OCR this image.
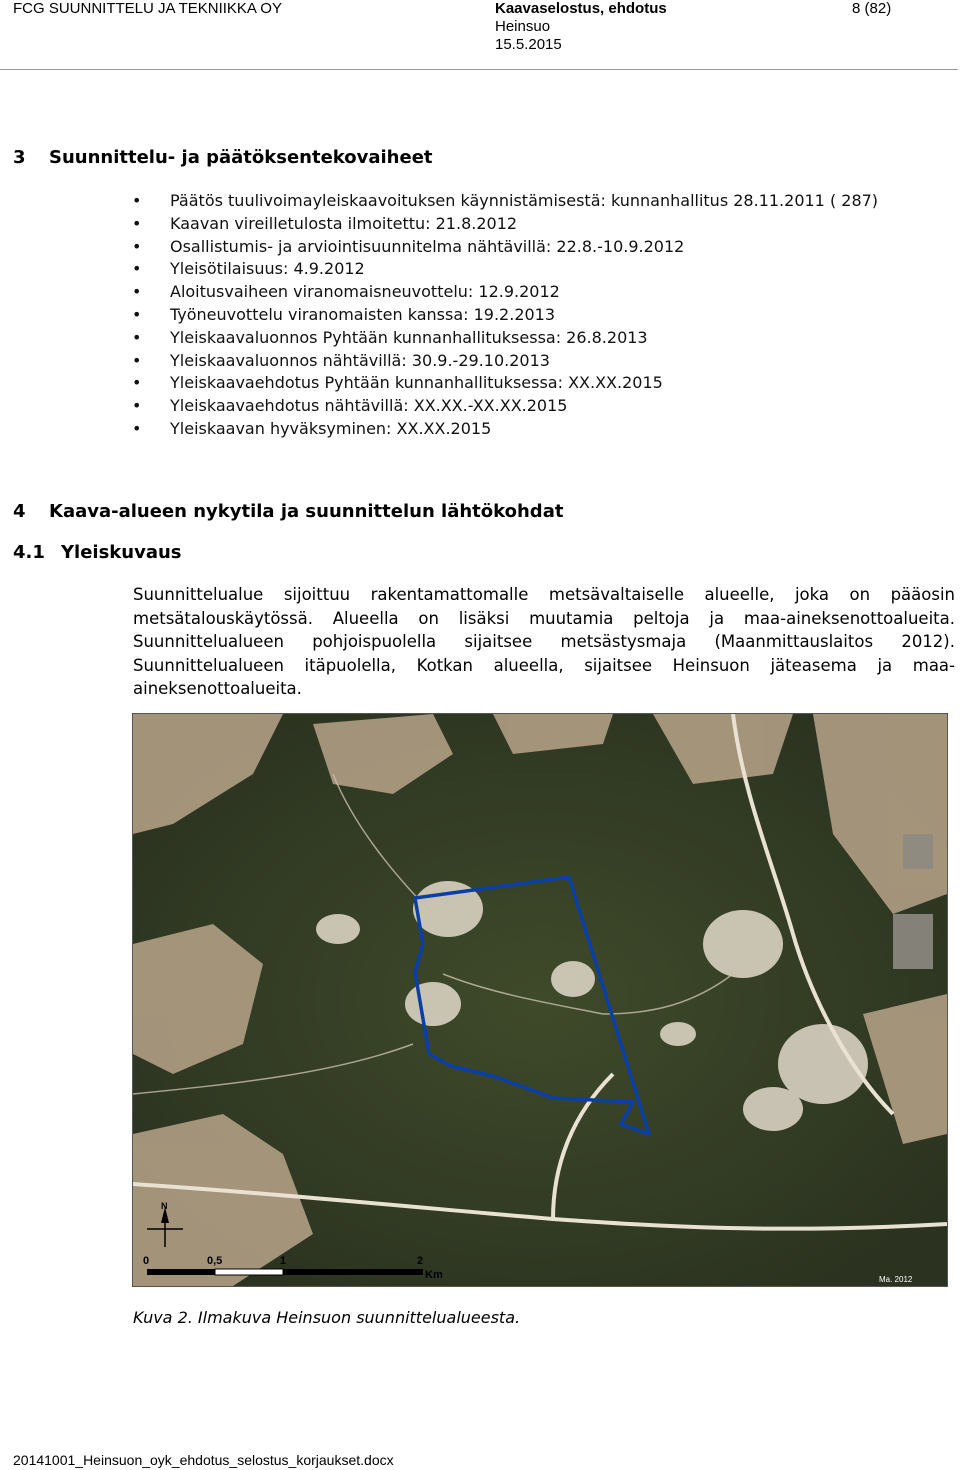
FCG SUUNNITTELU JA TEKNIIKKA OY	Kaavaselostus, ehdotus
Heinsuo
15.5.2015
8 (82)
3 Suunnittelu- ja päätöksentekovaiheet
• Päätös tuulivoimayleiskaavoituksen käynnistämisestä: kunnanhallitus 28.11.2011 ( 287)
• Kaavan vireilletulosta ilmoitettu: 21.8.2012
• Osallistumis- ja arviointisuunnitelma nähtävillä: 22.8.-10.9.2012
• Yleisötilaisuus: 4.9.2012
• Aloitusvaiheen viranomaisneuvottelu: 12.9.2012
• Työneuvottelu viranomaisten kanssa: 19.2.2013
• Yleiskaavaluonnos Pyhtään kunnanhallituksessa: 26.8.2013
• Yleiskaavaluonnos nähtävillä: 30.9.-29.10.2013
• Yleiskaavaehdotus Pyhtään kunnanhallituksessa: XX.XX.2015
• Yleiskaavaehdotus nähtävillä: XX.XX.-XX.XX.2015
• Yleiskaavan hyväksyminen: XX.XX.2015
4 Kaava-alueen nykytila ja suunnittelun lähtökohdat
4.1 Yleiskuvaus
Suunnittelualue sijoittuu rakentamattomalle metsävaltaiselle alueelle, joka on pääosin metsätalouskäytössä. Alueella on lisäksi muutamia peltoja ja maa-aineksenottoalueita. Suunnittelualueen pohjoispuolella sijaitsee metsästysmaja (Maanmittauslaitos 2012). Suunnittelualueen itäpuolella, Kotkan alueella, sijaitsee Heinsuon jäteasema ja maa-aineksenottoalueita.
N
0	0,5	1	2
Km	Ma. 2012
Kuva 2. Ilmakuva Heinsuon suunnittelualueesta.
20141001_Heinsuon_oyk_ehdotus_selostus_korjaukset.docx
